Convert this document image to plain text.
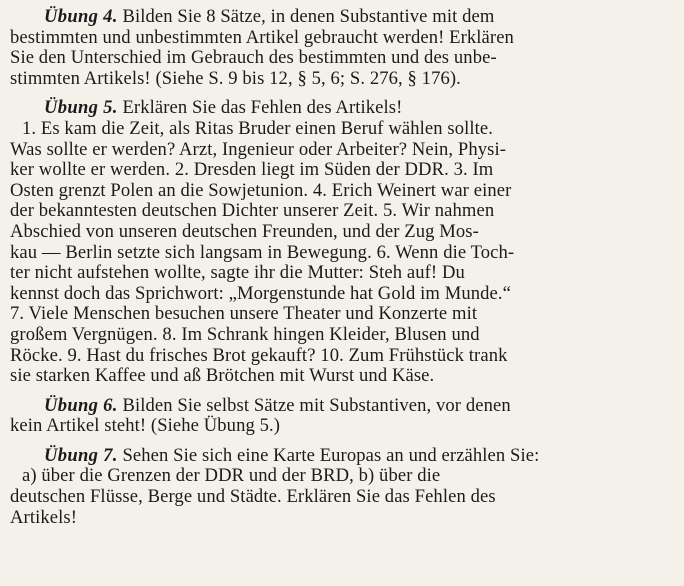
Übung 4. Bilden Sie 8 Sätze, in denen Substantive mit dem
bestimmten und unbestimmten Artikel gebraucht werden! Erklären
Sie den Unterschied im Gebrauch des bestimmten und des unbe-
stimmten Artikels! (Siehe S. 9 bis 12, § 5, 6; S. 276, § 176).
Übung 5. Erklären Sie das Fehlen des Artikels!
1. Es kam die Zeit, als Ritas Bruder einen Beruf wählen sollte.
Was sollte er werden? Arzt, Ingenieur oder Arbeiter? Nein, Physi-
ker wollte er werden. 2. Dresden liegt im Süden der DDR. 3. Im
Osten grenzt Polen an die Sowjetunion. 4. Erich Weinert war einer
der bekanntesten deutschen Dichter unserer Zeit. 5. Wir nahmen
Abschied von unseren deutschen Freunden, und der Zug Mos-
kau — Berlin setzte sich langsam in Bewegung. 6. Wenn die Toch-
ter nicht aufstehen wollte, sagte ihr die Mutter: Steh auf! Du
kennst doch das Sprichwort: „Morgenstunde hat Gold im Munde.“
7. Viele Menschen besuchen unsere Theater und Konzerte mit
großem Vergnügen. 8. Im Schrank hingen Kleider, Blusen und
Röcke. 9. Hast du frisches Brot gekauft? 10. Zum Frühstück trank
sie starken Kaffee und aß Brötchen mit Wurst und Käse.
Übung 6. Bilden Sie selbst Sätze mit Substantiven, vor denen
kein Artikel steht! (Siehe Übung 5.)
Übung 7. Sehen Sie sich eine Karte Europas an und erzählen Sie:
a) über die Grenzen der DDR und der BRD, b) über die
deutschen Flüsse, Berge und Städte. Erklären Sie das Fehlen des
Artikels!
